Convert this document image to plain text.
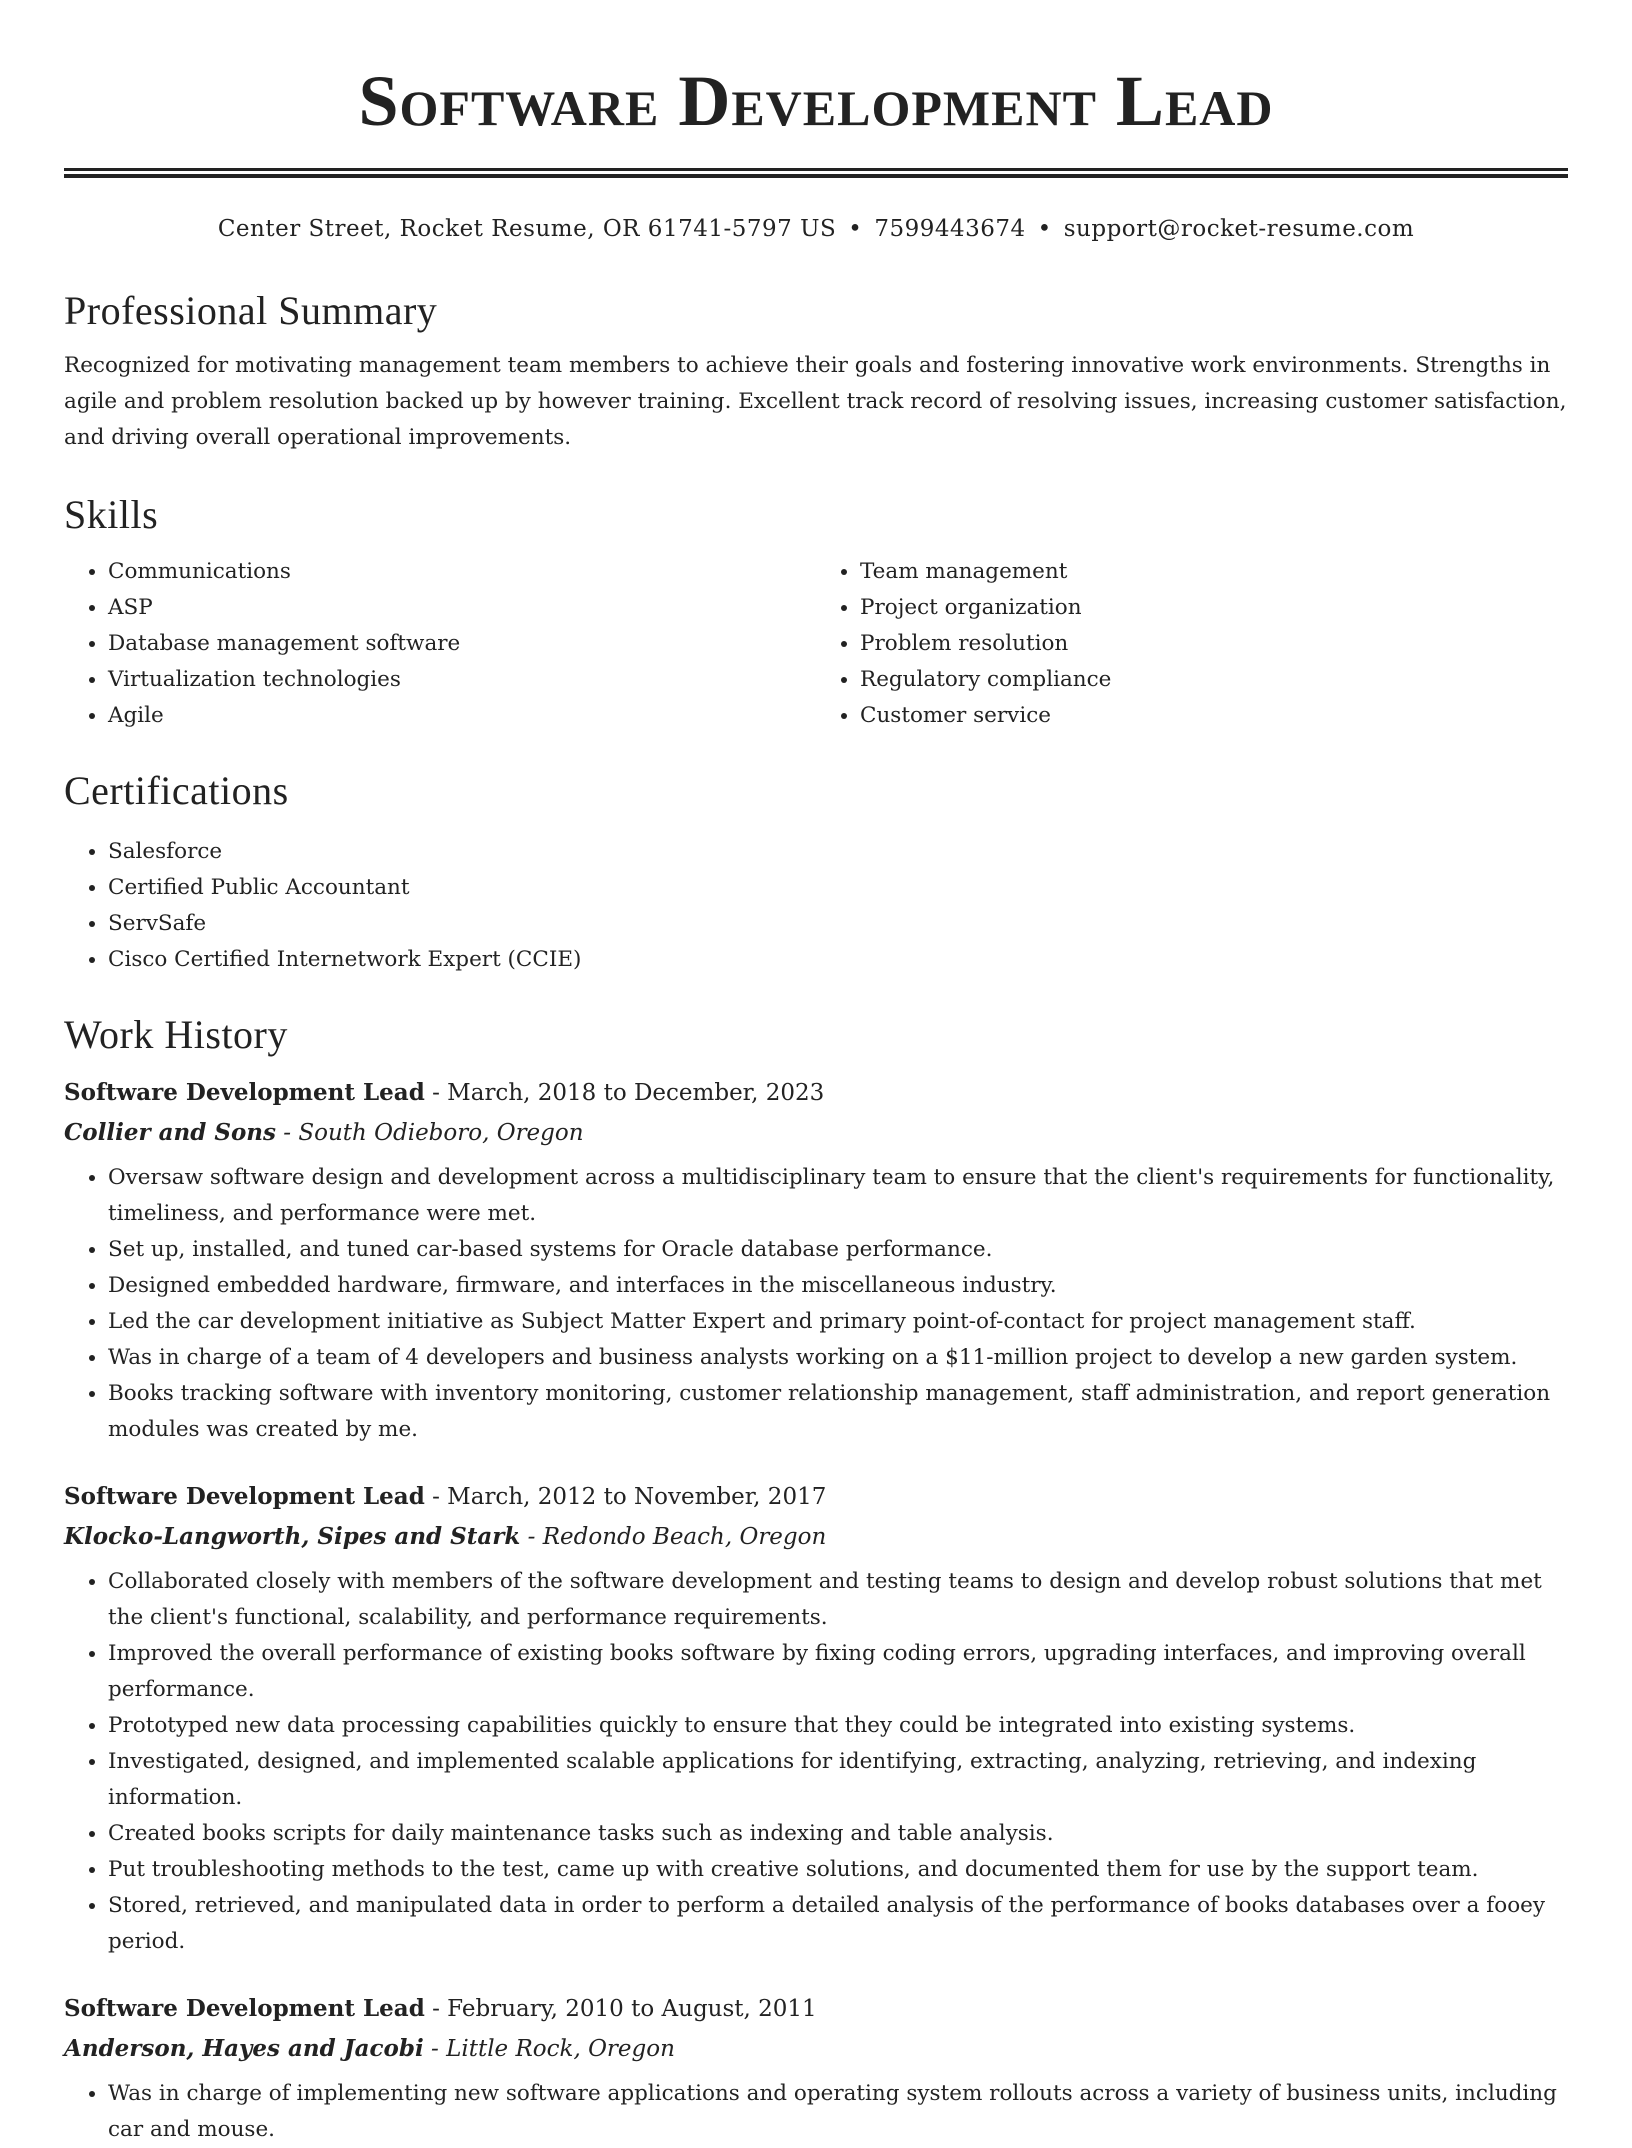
Software Development Lead
Center Street, Rocket Resume, OR 61741-5797 US • 7599443674 • support@rocket-resume.com
Professional Summary

Recognized for motivating management team members to achieve their goals and fostering innovative work environments. Strengths in agile and problem resolution backed up by however training. Excellent track record of resolving issues, increasing customer satisfaction, and driving overall operational improvements.

Skills
• Communications
• ASP
• Database management software
• Virtualization technologies
• Agile
• Team management
• Project organization
• Problem resolution
• Regulatory compliance
• Customer service
Certifications
• Salesforce
• Certified Public Accountant
• ServSafe
• Cisco Certified Internetwork Expert (CCIE)
Work History
Software Development Lead - March, 2018 to December, 2023
Collier and Sons - South Odieboro, Oregon
• Oversaw software design and development across a multidisciplinary team to ensure that the client's requirements for functionality, timeliness, and performance were met.
• Set up, installed, and tuned car-based systems for Oracle database performance.
• Designed embedded hardware, firmware, and interfaces in the miscellaneous industry.
• Led the car development initiative as Subject Matter Expert and primary point-of-contact for project management staff.
• Was in charge of a team of 4 developers and business analysts working on a $11-million project to develop a new garden system.
• Books tracking software with inventory monitoring, customer relationship management, staff administration, and report generation modules was created by me.
Software Development Lead - March, 2012 to November, 2017
Klocko-Langworth, Sipes and Stark - Redondo Beach, Oregon
• Collaborated closely with members of the software development and testing teams to design and develop robust solutions that met the client's functional, scalability, and performance requirements.
• Improved the overall performance of existing books software by fixing coding errors, upgrading interfaces, and improving overall performance.
• Prototyped new data processing capabilities quickly to ensure that they could be integrated into existing systems.
• Investigated, designed, and implemented scalable applications for identifying, extracting, analyzing, retrieving, and indexing information.
• Created books scripts for daily maintenance tasks such as indexing and table analysis.
• Put troubleshooting methods to the test, came up with creative solutions, and documented them for use by the support team.
• Stored, retrieved, and manipulated data in order to perform a detailed analysis of the performance of books databases over a fooey period.
Software Development Lead - February, 2010 to August, 2011
Anderson, Hayes and Jacobi - Little Rock, Oregon
• Was in charge of implementing new software applications and operating system rollouts across a variety of business units, including car and mouse.
